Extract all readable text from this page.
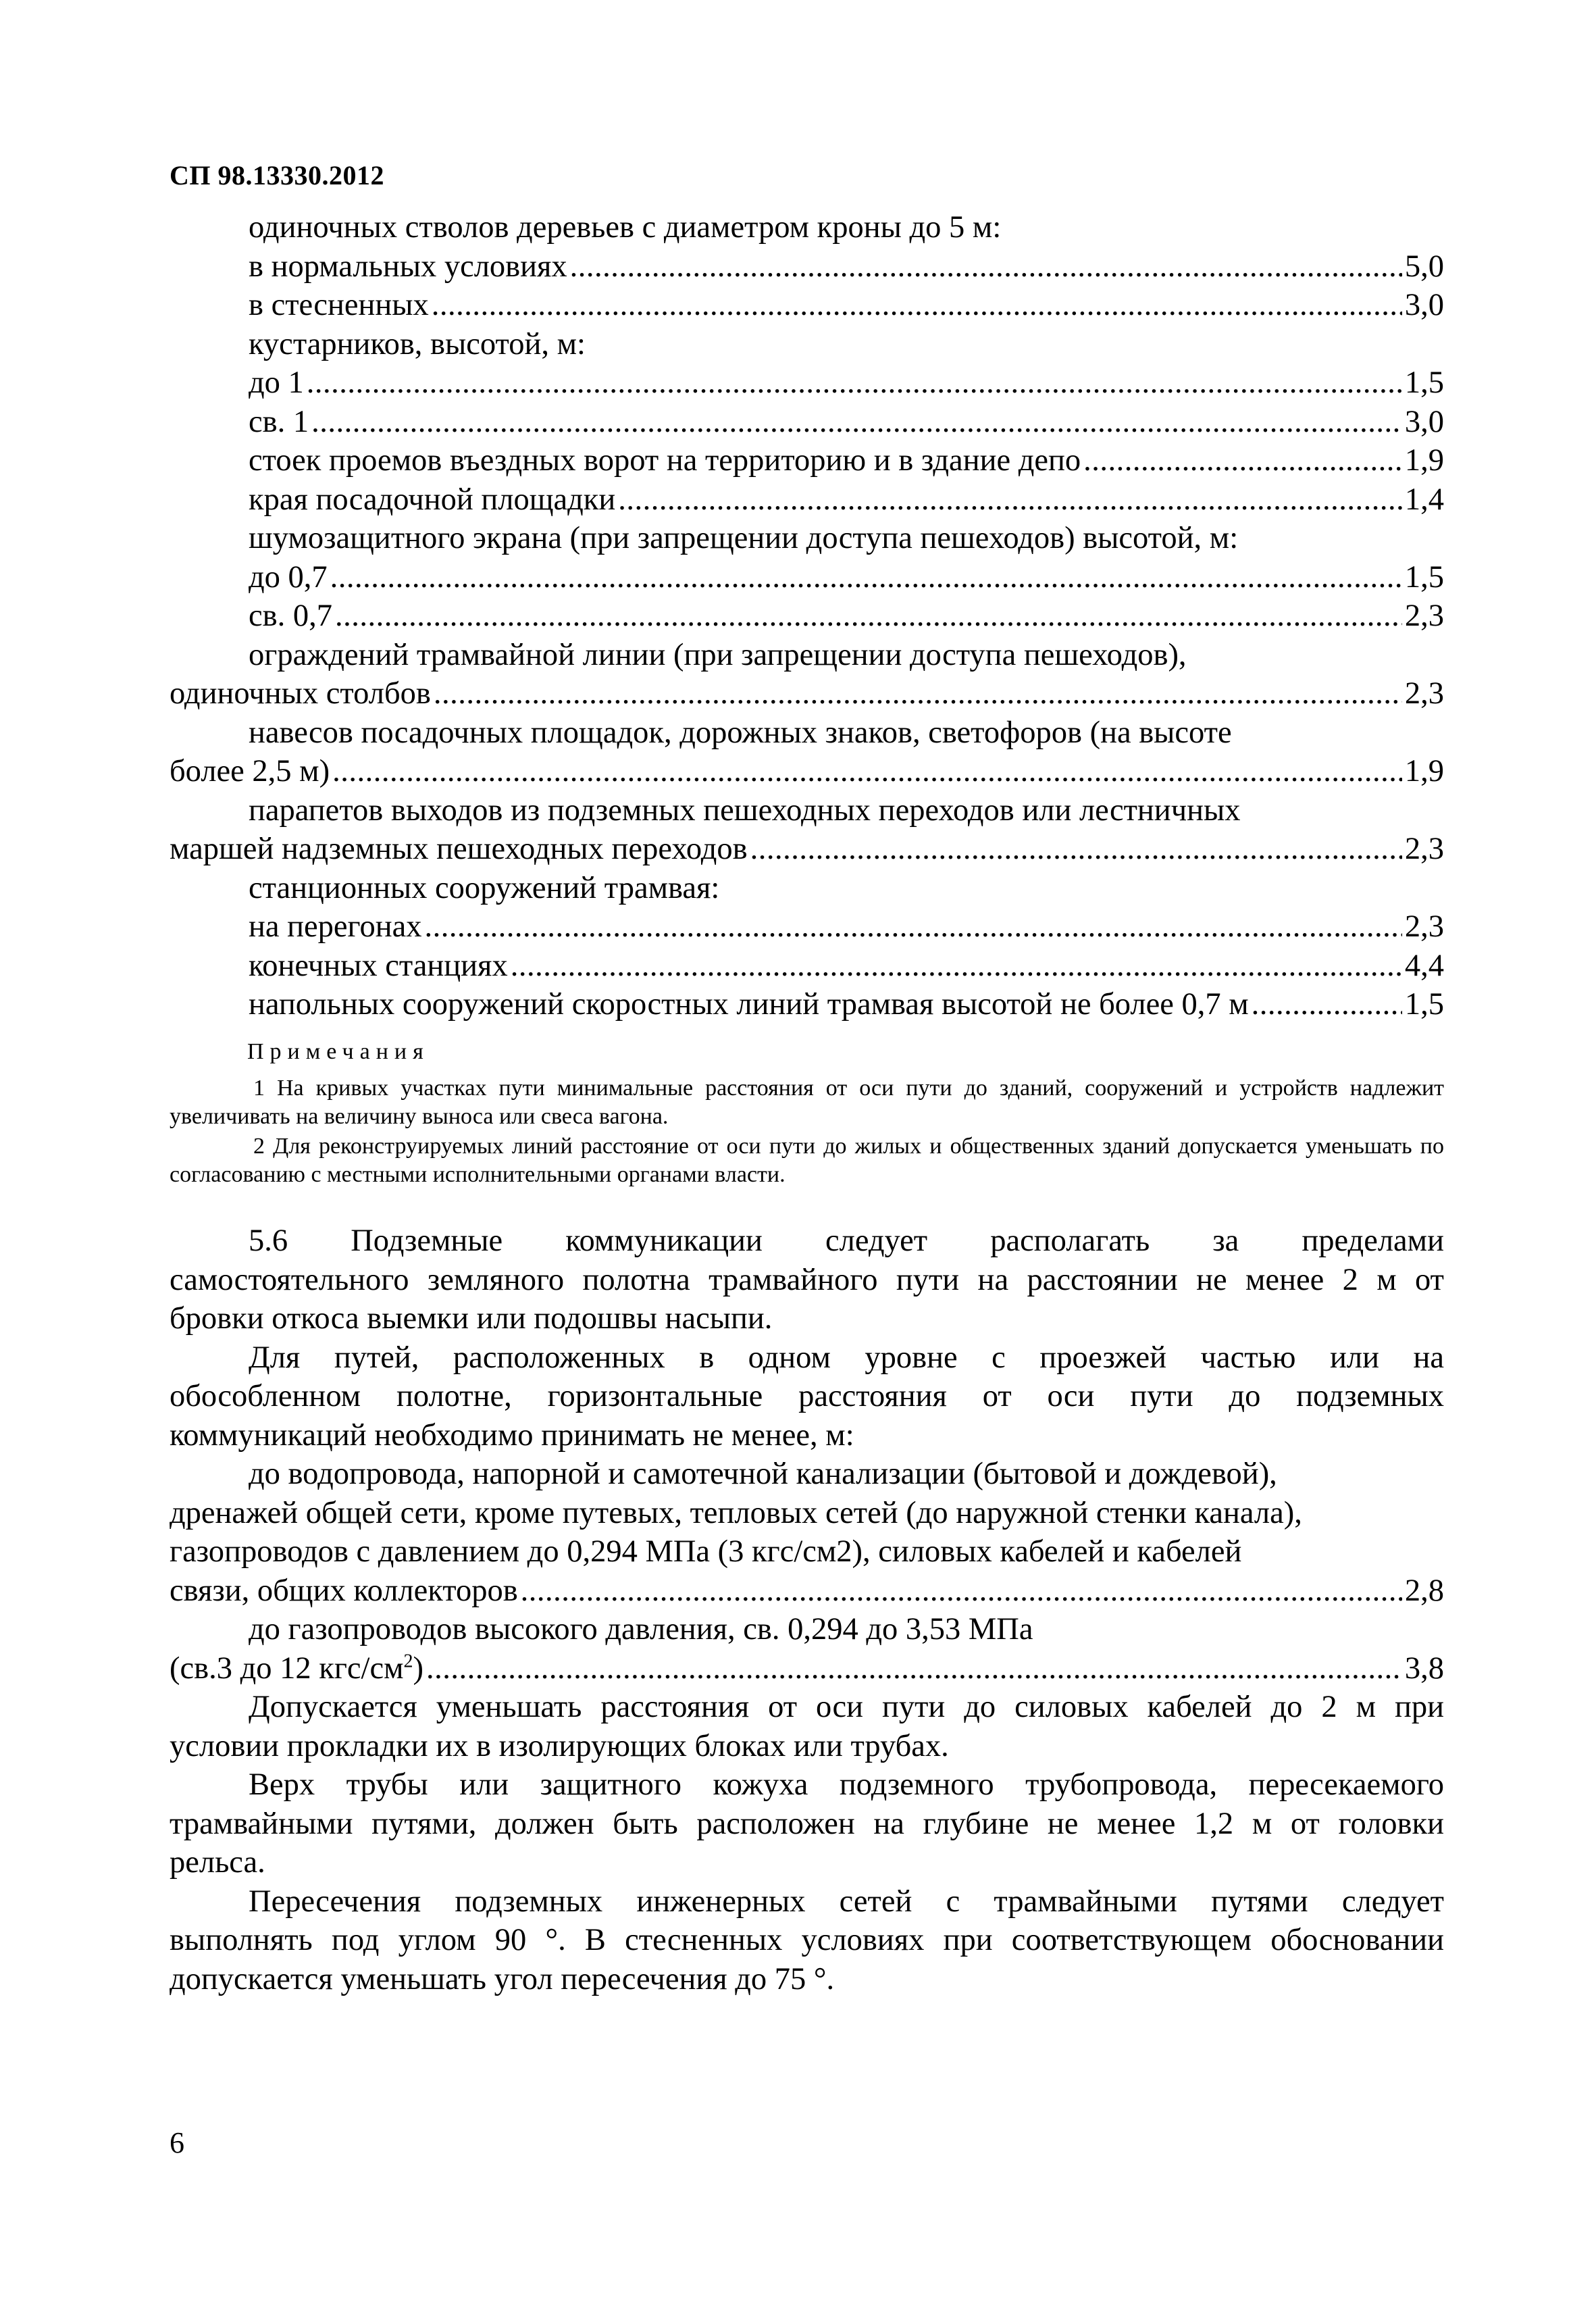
СП 98.13330.2012
одиночных стволов деревьев с диаметром кроны до 5 м:
в нормальных условиях .....	5,0
в стесненных .....	3,0
кустарников, высотой, м:
до 1 .....	1,5
св. 1 .....	3,0
стоек проемов въездных ворот на территорию и в здание депо .....	1,9
края посадочной площадки .....	1,4
шумозащитного экрана (при запрещении доступа пешеходов) высотой, м:
до 0,7 .....	1,5
св. 0,7 .....	2,3
ограждений трамвайной линии (при запрещении доступа пешеходов),
одиночных столбов .....	2,3
навесов посадочных площадок, дорожных знаков, светофоров (на высоте
более 2,5 м) .....	1,9
парапетов выходов из подземных пешеходных переходов или лестничных
маршей надземных пешеходных переходов .....	2,3
станционных сооружений трамвая:
на перегонах .....	2,3
конечных станциях .....	4,4
напольных сооружений скоростных линий трамвая высотой не более 0,7 м .....	1,5
Примечания
1 На кривых участках пути минимальные расстояния от оси пути до зданий, сооружений и устройств надлежит увеличивать на величину выноса или свеса вагона.
2 Для реконструируемых линий расстояние от оси пути до жилых и общественных зданий допускается уменьшать по согласованию с местными исполнительными органами власти.
5.6 Подземные коммуникации следует располагать за пределами
самостоятельного земляного полотна трамвайного пути на расстоянии не менее 2 м от
бровки откоса выемки или подошвы насыпи.
Для путей, расположенных в одном уровне с проезжей частью или на
обособленном полотне, горизонтальные расстояния от оси пути до подземных
коммуникаций необходимо принимать не менее, м:
до водопровода, напорной и самотечной канализации (бытовой и дождевой),
дренажей общей сети, кроме путевых, тепловых сетей (до наружной стенки канала),
газопроводов с давлением до 0,294 МПа (3 кгс/см2), силовых кабелей и кабелей
связи, общих коллекторов .....	2,8
до газопроводов высокого давления, св. 0,294 до 3,53 МПа
(св.3 до 12 кгс/$см^2$) .....	3,8
Допускается уменьшать расстояния от оси пути до силовых кабелей до 2 м при
условии прокладки их в изолирующих блоках или трубах.
Верх трубы или защитного кожуха подземного трубопровода, пересекаемого
трамвайными путями, должен быть расположен на глубине не менее 1,2 м от головки
рельса.
Пересечения подземных инженерных сетей с трамвайными путями следует
выполнять под углом 90 °. В стесненных условиях при соответствующем обосновании
допускается уменьшать угол пересечения до 75 °.
6
